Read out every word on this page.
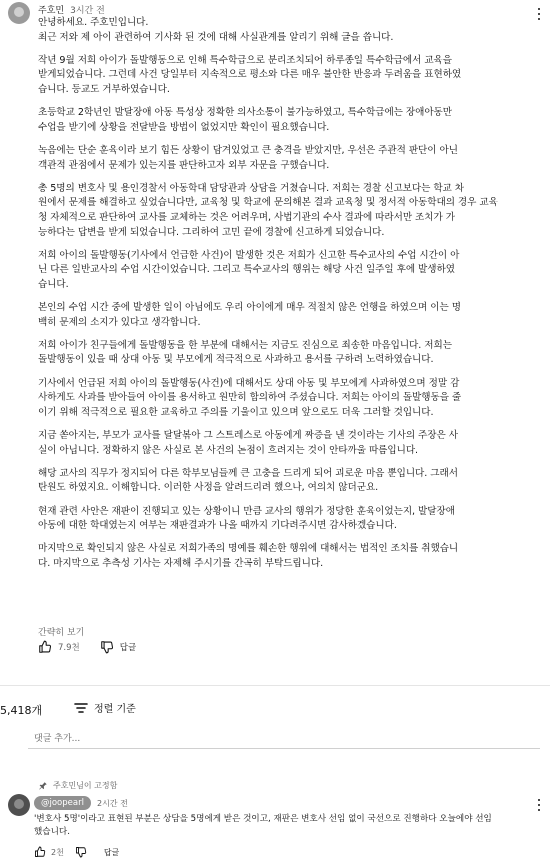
주호민 3시간 전

안녕하세요. 주호민입니다.
최근 저와 제 아이 관련하여 기사화 된 것에 대해 사실관계를 알리기 위해 글을 씁니다.

작년 9월 저희 아이가 돌발행동으로 인해 특수학급으로 분리조치되어 하루종일 특수학급에서 교육을
받게되었습니다. 그런데 사건 당일부터 지속적으로 평소와 다른 매우 불안한 반응과 두려움을 표현하였
습니다. 등교도 거부하였습니다.

초등학교 2학년인 발달장애 아동 특성상 정확한 의사소통이 불가능하였고, 특수학급에는 장애아동만
수업을 받기에 상황을 전달받을 방법이 없었지만 확인이 필요했습니다.

녹음에는 단순 훈육이라 보기 힘든 상황이 담겨있었고 큰 충격을 받았지만, 우선은 주관적 판단이 아닌
객관적 관점에서 문제가 있는지를 판단하고자 외부 자문을 구했습니다.

총 5명의 변호사 및 용인경찰서 아동학대 담당관과 상담을 거쳤습니다. 저희는 경찰 신고보다는 학교 차
원에서 문제를 해결하고 싶었습니다만, 교육청 및 학교에 문의해본 결과 교육청 및 정서적 아동학대의 경우 교육
청 자체적으로 판단하여 교사를 교체하는 것은 어려우며, 사법기관의 수사 결과에 따라서만 조치가 가
능하다는 답변을 받게 되었습니다. 그리하여 고민 끝에 경찰에 신고하게 되었습니다.

저희 아이의 돌발행동(기사에서 언급한 사건)이 발생한 것은 저희가 신고한 특수교사의 수업 시간이 아
닌 다른 일반교사의 수업 시간이었습니다. 그리고 특수교사의 행위는 해당 사건 일주일 후에 발생하였
습니다.

본인의 수업 시간 중에 발생한 일이 아님에도 우리 아이에게 매우 적절치 않은 언행을 하였으며 이는 명
백히 문제의 소지가 있다고 생각합니다.

저희 아이가 친구들에게 돌발행동을 한 부분에 대해서는 지금도 진심으로 죄송한 마음입니다. 저희는
돌발행동이 있을 때 상대 아동 및 부모에게 적극적으로 사과하고 용서를 구하려 노력하였습니다.

기사에서 언급된 저희 아이의 돌발행동(사건)에 대해서도 상대 아동 및 부모에게 사과하였으며 정말 감
사하게도 사과를 받아들여 아이를 용서하고 원만히 합의하여 주셨습니다. 저희는 아이의 돌발행동을 줄
이기 위해 적극적으로 필요한 교육하고 주의를 기울이고 있으며 앞으로도 더욱 그러할 것입니다.

지금 쏟아지는, 부모가 교사를 달달볶아 그 스트레스로 아동에게 짜증을 낸 것이라는 기사의 주장은 사
실이 아닙니다. 정확하지 않은 사실로 본 사건의 논점이 흐려지는 것이 안타까울 따름입니다.

해당 교사의 직무가 정지되어 다른 학부모님들께 큰 고충을 드리게 되어 괴로운 마음 뿐입니다. 그래서
탄원도 하였지요. 이해합니다. 이러한 사정을 알려드리려 했으나, 여의치 않더군요.

현재 관련 사안은 재판이 진행되고 있는 상황이니 만큼 교사의 행위가 정당한 훈육이었는지, 발달장애
아동에 대한 학대였는지 여부는 재판결과가 나올 때까지 기다려주시면 감사하겠습니다.

마지막으로 확인되지 않은 사실로 저희가족의 명예를 훼손한 행위에 대해서는 법적인 조치를 취했습니
다. 마지막으로 추측성 기사는 자제해 주시기를 간곡히 부탁드립니다.

간략히 보기
7.9천	답글
5,418개	정렬 기준
댓글 추가...
주호민님이 고정함
@joopearl	2시간 전
'변호사 5명'이라고 표현된 부분은 상담을 5명에게 받은 것이고, 재판은 변호사 선임 없이 국선으로 진행하다 오늘에야 선임
했습니다.
2천	답글
